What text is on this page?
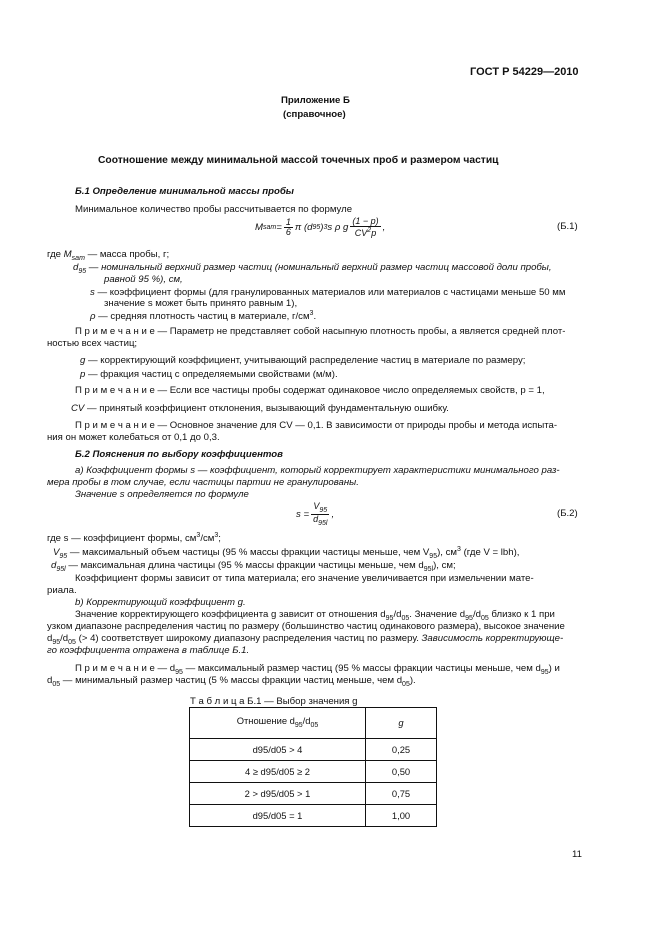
ГОСТ Р 54229—2010
Приложение Б
(справочное)
Соотношение между минимальной массой точечных проб и размером частиц
Б.1 Определение минимальной массы пробы
Минимальное количество пробы рассчитывается по формуле
M sam = $\frac{1}{6}$ π (d 95 ) 3 s ρ g $\frac{(1 - p)}{CV^2p}$ ,	(Б.1)
где $M_{sam}$ — масса пробы, г;
$d_{95}$ — номинальный верхний размер частиц (номинальный верхний размер частиц массовой доли пробы,
равной 95 %), см,
s — коэффициент формы (для гранулированных материалов или материалов с частицами меньше 50 мм
значение s может быть принято равным 1),
ρ — средняя плотность частиц в материале, $г/см^3$.
П р и м е ч а н и е — Параметр не представляет собой насыпную плотность пробы, а является средней плот-
ностью всех частиц;
g — корректирующий коэффициент, учитывающий распределение частиц в материале по размеру;
p — фракция частиц с определяемыми свойствами (м/м).
П р и м е ч а н и е — Если все частицы пробы содержат одинаковое число определяемых свойств, p = 1,
CV — принятый коэффициент отклонения, вызывающий фундаментальную ошибку.
П р и м е ч а н и е — Основное значение для CV — 0,1. В зависимости от природы пробы и метода испыта-
ния он может колебаться от 0,1 до 0,3.
Б.2 Пояснения по выбору коэффициентов
a) Коэффициент формы s — коэффициент, который корректирует характеристики минимального раз-
мера пробы в том случае, если частицы партии не гранулированы.
Значение s определяется по формуле
$s = \frac{V_{95}}{d_{95l}}$ ,	(Б.2)
где s — коэффициент формы, $см^3/см^3$;
$V_{95}$ — максимальный объем частицы (95 % массы фракции частицы меньше, чем $V_{95}$), $см^3$ (где V = lbh),
$d_{95l}$ — максимальная длина частицы (95 % массы фракции частицы меньше, чем $d_{95l}$), см;
Коэффициент формы зависит от типа материала; его значение увеличивается при измельчении мате-
риала.
b) Корректирующий коэффициент g.
Значение корректирующего коэффициента g зависит от отношения $d_{95}/d_{05}$. Значение $d_{95}/d_{05}$ близко к 1 при
узком диапазоне распределения частиц по размеру (большинство частиц одинакового размера), высокое значение
$d_{95}/d_{05}$ (> 4) соответствует широкому диапазону распределения частиц по размеру. Зависимость корректирующе-
го коэффициента отражена в таблице Б.1.
П р и м е ч а н и е — $d_{95}$ — максимальный размер частиц (95 % массы фракции частицы меньше, чем $d_{95}$) и
$d_{05}$ — минимальный размер частиц (5 % массы фракции частиц меньше, чем $d_{05}$).
Т а б л и ц а Б.1 — Выбор значения g
Отношение $d_{95}/d_{05}$	g
d95/d05 > 4	0,25
4 ≥ d95/d05 ≥ 2	0,50
2 > d95/d05 > 1	0,75
d95/d05 = 1	1,00
11
